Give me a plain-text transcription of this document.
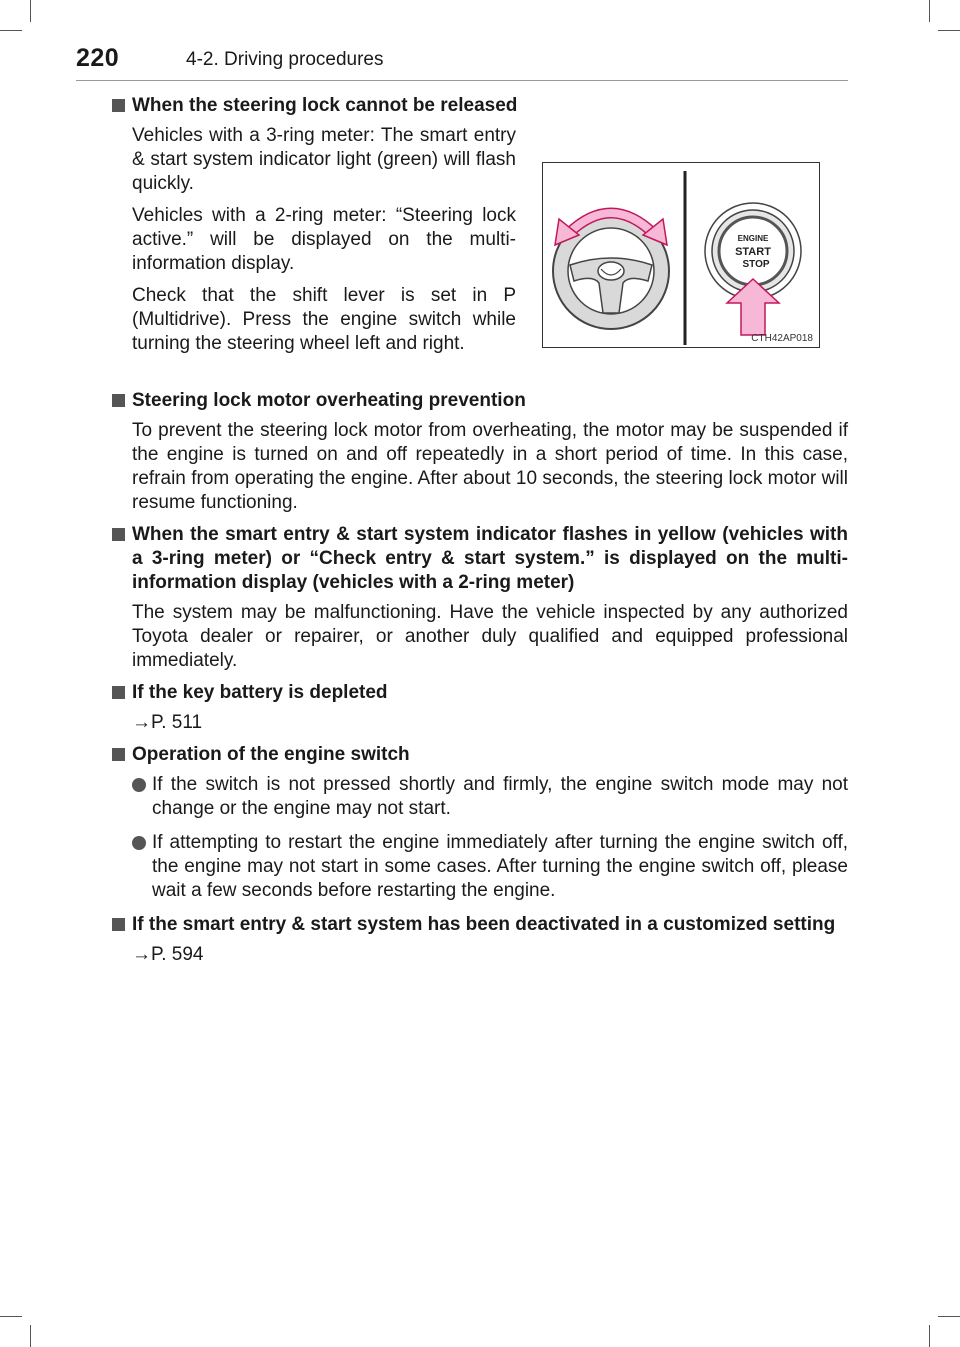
220	4-2. Driving procedures
When the steering lock cannot be released

Vehicles with a 3-ring meter: The smart entry & start system indicator light (green) will flash quickly.

Vehicles with a 2-ring meter: “Steering lock active.” will be displayed on the multi-information display.

Check that the shift lever is set in P (Multidrive). Press the engine switch while turning the steering wheel left and right.

ENGINE
START
STOP
CTH42AP018
Steering lock motor overheating prevention
To prevent the steering lock motor from overheating, the motor may be suspended if the engine is turned on and off repeatedly in a short period of time. In this case, refrain from operating the engine. After about 10 seconds, the steering lock motor will resume functioning.
When the smart entry & start system indicator flashes in yellow (vehicles with a 3-ring meter) or “Check entry & start system.” is displayed on the multi-information display (vehicles with a 2-ring meter)
The system may be malfunctioning. Have the vehicle inspected by any authorized Toyota dealer or repairer, or another duly qualified and equipped professional immediately.
If the key battery is depleted
→P. 511
Operation of the engine switch
If the switch is not pressed shortly and firmly, the engine switch mode may not change or the engine may not start.
If attempting to restart the engine immediately after turning the engine switch off, the engine may not start in some cases. After turning the engine switch off, please wait a few seconds before restarting the engine.
If the smart entry & start system has been deactivated in a customized setting
→P. 594
